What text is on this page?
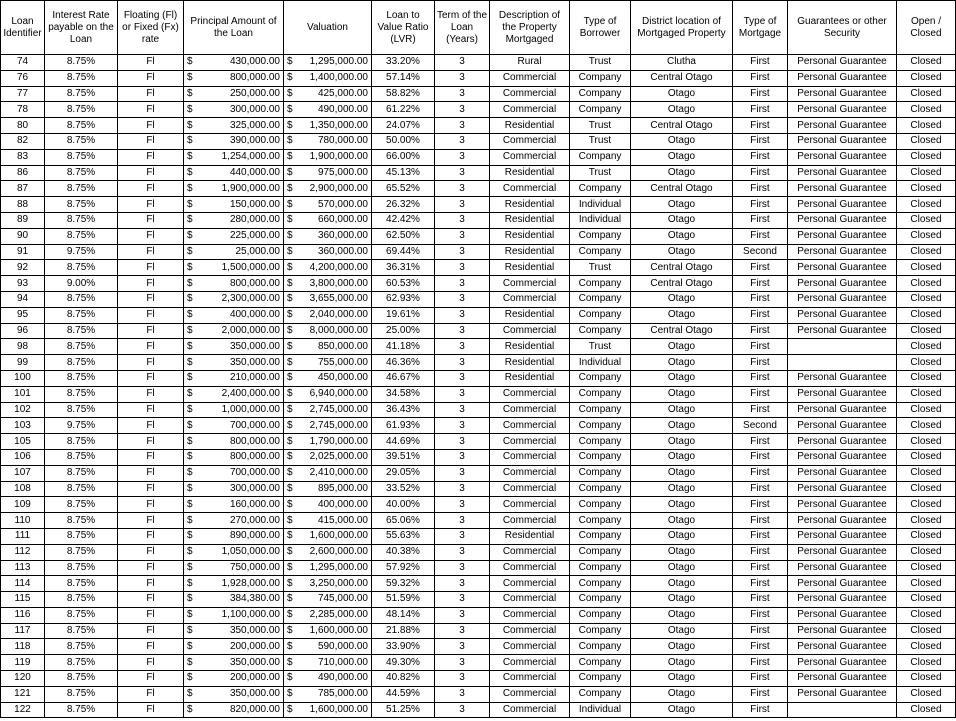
Loan Identifier	Interest Rate payable on the Loan	Floating (Fl) or Fixed (Fx) rate	Principal Amount of the Loan	Valuation	Loan to Value Ratio (LVR)	Term of the Loan (Years)	Description of the Property Mortgaged	Type of Borrower	District location of Mortgaged Property	Type of Mortgage	Guarantees or other Security	Open / Closed
74	8.75%	Fl	$ 430,000.00	$ 1,295,000.00	33.20%	3	Rural	Trust	Clutha	First	Personal Guarantee	Closed
76	8.75%	Fl	$ 800,000.00	$ 1,400,000.00	57.14%	3	Commercial	Company	Central Otago	First	Personal Guarantee	Closed
77	8.75%	Fl	$ 250,000.00	$ 425,000.00	58.82%	3	Commercial	Company	Otago	First	Personal Guarantee	Closed
78	8.75%	Fl	$ 300,000.00	$ 490,000.00	61.22%	3	Commercial	Company	Otago	First	Personal Guarantee	Closed
80	8.75%	Fl	$ 325,000.00	$ 1,350,000.00	24.07%	3	Residential	Trust	Central Otago	First	Personal Guarantee	Closed
82	8.75%	Fl	$ 390,000.00	$ 780,000.00	50.00%	3	Commercial	Trust	Otago	First	Personal Guarantee	Closed
83	8.75%	Fl	$ 1,254,000.00	$ 1,900,000.00	66.00%	3	Commercial	Company	Otago	First	Personal Guarantee	Closed
86	8.75%	Fl	$ 440,000.00	$ 975,000.00	45.13%	3	Residential	Trust	Otago	First	Personal Guarantee	Closed
87	8.75%	Fl	$ 1,900,000.00	$ 2,900,000.00	65.52%	3	Commercial	Company	Central Otago	First	Personal Guarantee	Closed
88	8.75%	Fl	$ 150,000.00	$ 570,000.00	26.32%	3	Residential	Individual	Otago	First	Personal Guarantee	Closed
89	8.75%	Fl	$ 280,000.00	$ 660,000.00	42.42%	3	Residential	Individual	Otago	First	Personal Guarantee	Closed
90	8.75%	Fl	$ 225,000.00	$ 360,000.00	62.50%	3	Residential	Company	Otago	First	Personal Guarantee	Closed
91	9.75%	Fl	$ 25,000.00	$ 360,000.00	69.44%	3	Residential	Company	Otago	Second	Personal Guarantee	Closed
92	8.75%	Fl	$ 1,500,000.00	$ 4,200,000.00	36.31%	3	Residential	Trust	Central Otago	First	Personal Guarantee	Closed
93	9.00%	Fl	$ 800,000.00	$ 3,800,000.00	60.53%	3	Commercial	Company	Central Otago	First	Personal Guarantee	Closed
94	8.75%	Fl	$ 2,300,000.00	$ 3,655,000.00	62.93%	3	Commercial	Company	Otago	First	Personal Guarantee	Closed
95	8.75%	Fl	$ 400,000.00	$ 2,040,000.00	19.61%	3	Residential	Company	Otago	First	Personal Guarantee	Closed
96	8.75%	Fl	$ 2,000,000.00	$ 8,000,000.00	25.00%	3	Commercial	Company	Central Otago	First	Personal Guarantee	Closed
98	8.75%	Fl	$ 350,000.00	$ 850,000.00	41.18%	3	Residential	Trust	Otago	First		Closed
99	8.75%	Fl	$ 350,000.00	$ 755,000.00	46.36%	3	Residential	Individual	Otago	First		Closed
100	8.75%	Fl	$ 210,000.00	$ 450,000.00	46.67%	3	Residential	Company	Otago	First	Personal Guarantee	Closed
101	8.75%	Fl	$ 2,400,000.00	$ 6,940,000.00	34.58%	3	Commercial	Company	Otago	First	Personal Guarantee	Closed
102	8.75%	Fl	$ 1,000,000.00	$ 2,745,000.00	36.43%	3	Commercial	Company	Otago	First	Personal Guarantee	Closed
103	9.75%	Fl	$ 700,000.00	$ 2,745,000.00	61.93%	3	Commercial	Company	Otago	Second	Personal Guarantee	Closed
105	8.75%	Fl	$ 800,000.00	$ 1,790,000.00	44.69%	3	Commercial	Company	Otago	First	Personal Guarantee	Closed
106	8.75%	Fl	$ 800,000.00	$ 2,025,000.00	39.51%	3	Commercial	Company	Otago	First	Personal Guarantee	Closed
107	8.75%	Fl	$ 700,000.00	$ 2,410,000.00	29.05%	3	Commercial	Company	Otago	First	Personal Guarantee	Closed
108	8.75%	Fl	$ 300,000.00	$ 895,000.00	33.52%	3	Commercial	Company	Otago	First	Personal Guarantee	Closed
109	8.75%	Fl	$ 160,000.00	$ 400,000.00	40.00%	3	Commercial	Company	Otago	First	Personal Guarantee	Closed
110	8.75%	Fl	$ 270,000.00	$ 415,000.00	65.06%	3	Commercial	Company	Otago	First	Personal Guarantee	Closed
111	8.75%	Fl	$ 890,000.00	$ 1,600,000.00	55.63%	3	Residential	Company	Otago	First	Personal Guarantee	Closed
112	8.75%	Fl	$ 1,050,000.00	$ 2,600,000.00	40.38%	3	Commercial	Company	Otago	First	Personal Guarantee	Closed
113	8.75%	Fl	$ 750,000.00	$ 1,295,000.00	57.92%	3	Commercial	Company	Otago	First	Personal Guarantee	Closed
114	8.75%	Fl	$ 1,928,000.00	$ 3,250,000.00	59.32%	3	Commercial	Company	Otago	First	Personal Guarantee	Closed
115	8.75%	Fl	$ 384,380.00	$ 745,000.00	51.59%	3	Commercial	Company	Otago	First	Personal Guarantee	Closed
116	8.75%	Fl	$ 1,100,000.00	$ 2,285,000.00	48.14%	3	Commercial	Company	Otago	First	Personal Guarantee	Closed
117	8.75%	Fl	$ 350,000.00	$ 1,600,000.00	21.88%	3	Commercial	Company	Otago	First	Personal Guarantee	Closed
118	8.75%	Fl	$ 200,000.00	$ 590,000.00	33.90%	3	Commercial	Company	Otago	First	Personal Guarantee	Closed
119	8.75%	Fl	$ 350,000.00	$ 710,000.00	49.30%	3	Commercial	Company	Otago	First	Personal Guarantee	Closed
120	8.75%	Fl	$ 200,000.00	$ 490,000.00	40.82%	3	Commercial	Company	Otago	First	Personal Guarantee	Closed
121	8.75%	Fl	$ 350,000.00	$ 785,000.00	44.59%	3	Commercial	Company	Otago	First	Personal Guarantee	Closed
122	8.75%	Fl	$ 820,000.00	$ 1,600,000.00	51.25%	3	Commercial	Individual	Otago	First		Closed
